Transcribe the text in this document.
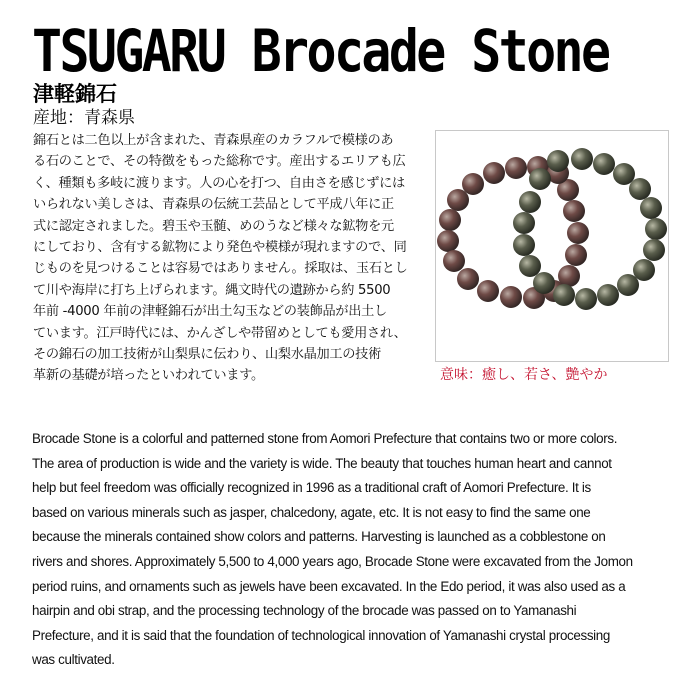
TSUGARU Brocade Stone
津軽錦石
産地：青森県

錦石とは二色以上が含まれた、青森県産のカラフルで模様のあ

る石のことで、その特徴をもった総称です。産出するエリアも広

く、種類も多岐に渡ります。人の心を打つ、自由さを感じずには

いられない美しさは、青森県の伝統工芸品として平成八年に正

式に認定されました。碧玉や玉髄、めのうなど様々な鉱物を元

にしており、含有する鉱物により発色や模様が現れますので、同

じものを見つけることは容易ではありません。採取は、玉石とし

て川や海岸に打ち上げられます。縄文時代の遺跡から約 5500

年前 -4000 年前の津軽錦石が出土勾玉などの装飾品が出土し

ています。江戸時代には、かんざしや帯留めとしても愛用され、

その錦石の加工技術が山梨県に伝わり、山梨水晶加工の技術

革新の基礎が培ったといわれています。	意味：癒し、若さ、艶やか

Brocade Stone is a colorful and patterned stone from Aomori Prefecture that contains two or more colors.

The area of production is wide and the variety is wide. The beauty that touches human heart and cannot

help but feel freedom was officially recognized in 1996 as a traditional craft of Aomori Prefecture. It is

based on various minerals such as jasper, chalcedony, agate, etc. It is not easy to find the same one

because the minerals contained show colors and patterns. Harvesting is launched as a cobblestone on

rivers and shores. Approximately 5,500 to 4,000 years ago, Brocade Stone were excavated from the Jomon

period ruins, and ornaments such as jewels have been excavated. In the Edo period, it was also used as a

hairpin and obi strap, and the processing technology of the brocade was passed on to Yamanashi

Prefecture, and it is said that the foundation of technological innovation of Yamanashi crystal processing

was cultivated.
